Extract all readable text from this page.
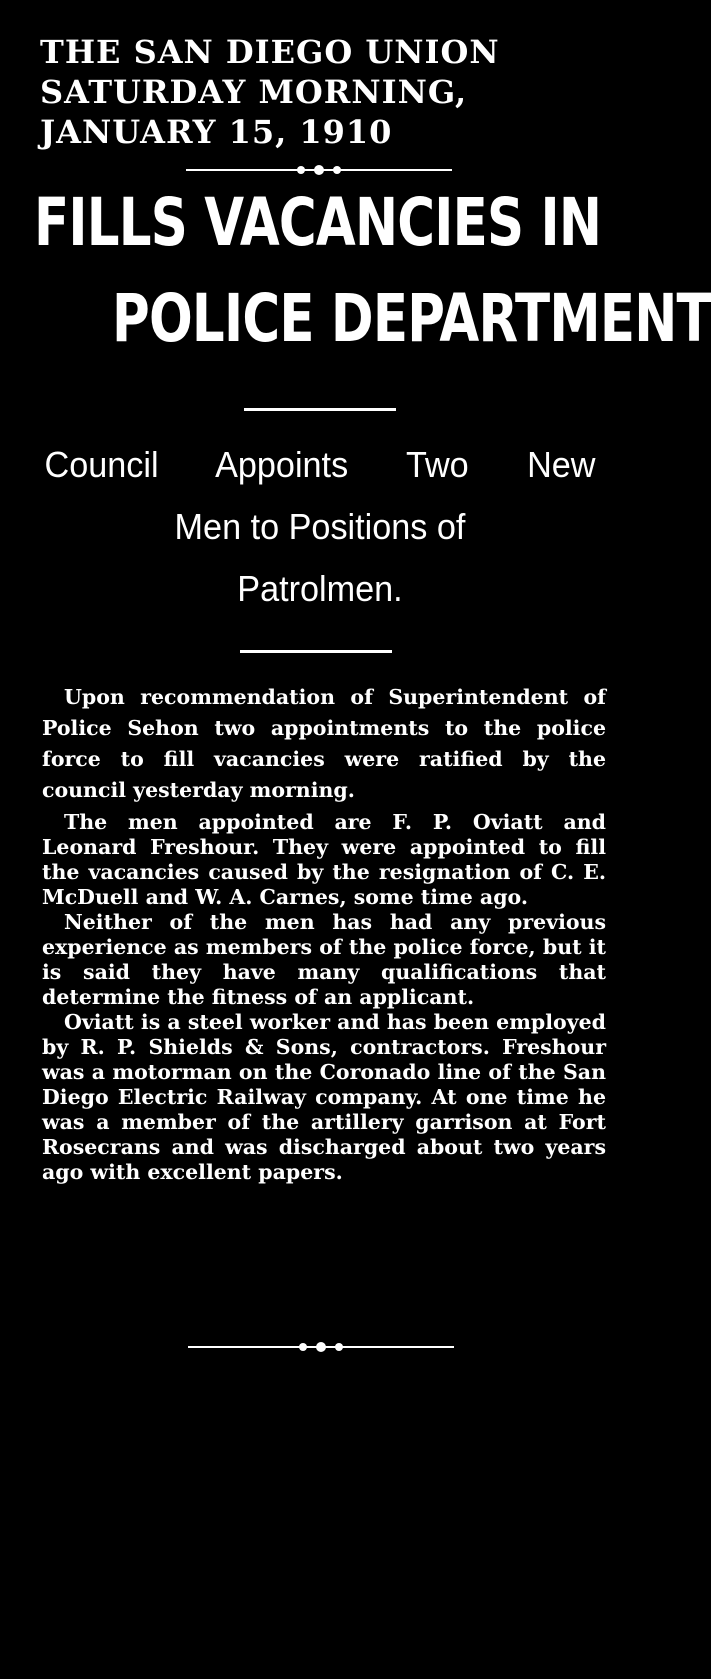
THE SAN DIEGO UNION
SATURDAY MORNING,
JANUARY 15, 1910
FILLS VACANCIES IN
POLICE DEPARTMENT
Council Appoints Two New
Men to Positions of
Patrolmen.

Upon recommendation of Superintendent of Police Sehon two appointments to the police force to fill vacancies were ratified by the council yesterday morning.

The men appointed are F. P. Oviatt and Leonard Freshour. They were appointed to fill the vacancies caused by the resignation of C. E. McDuell and W. A. Carnes, some time ago.

Neither of the men has had any previous experience as members of the police force, but it is said they have many qualifications that determine the fitness of an applicant.

Oviatt is a steel worker and has been employed by R. P. Shields & Sons, contractors. Freshour was a motorman on the Coronado line of the San Diego Electric Railway company. At one time he was a member of the artillery garrison at Fort Rosecrans and was discharged about two years ago with excellent papers.
